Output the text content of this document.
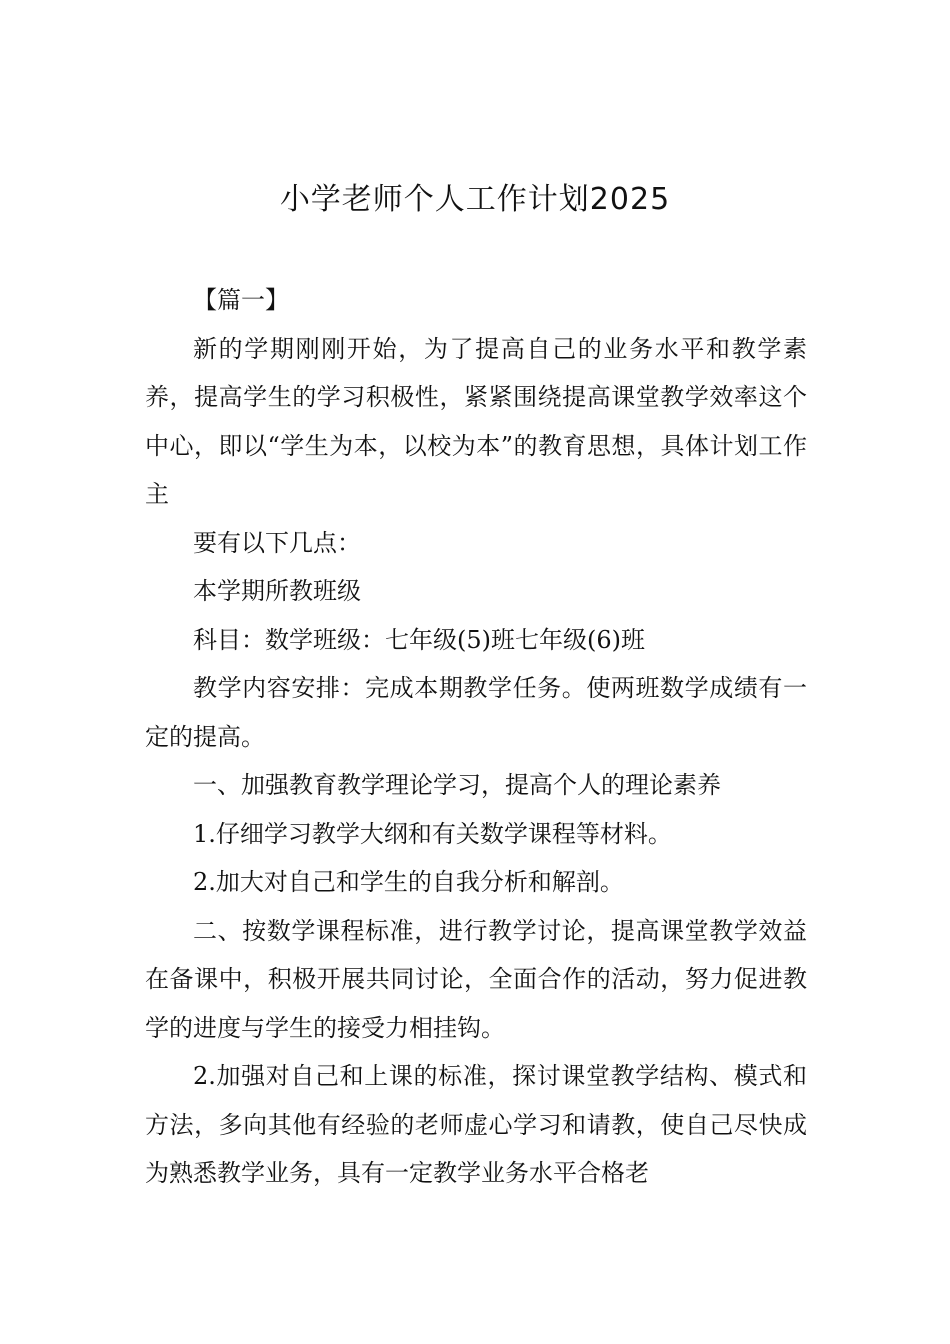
小学老师个人工作计划2025

【篇一】

新的学期刚刚开始，为了提高自己的业务水平和教学素养，提高学生的学习积极性，紧紧围绕提高课堂教学效率这个中心，即以“学生为本，以校为本”的教育思想，具体计划工作主

要有以下几点：

本学期所教班级

科目：数学班级：七年级(5)班七年级(6)班

教学内容安排：完成本期教学任务。使两班数学成绩有一定的提高。

一、加强教育教学理论学习，提高个人的理论素养

1.仔细学习教学大纲和有关数学课程等材料。

2.加大对自己和学生的自我分析和解剖。

二、按数学课程标准，进行教学讨论，提高课堂教学效益在备课中，积极开展共同讨论，全面合作的活动，努力促进教学的进度与学生的接受力相挂钩。

2.加强对自己和上课的标准，探讨课堂教学结构、模式和方法，多向其他有经验的老师虚心学习和请教，使自己尽快成为熟悉教学业务，具有一定教学业务水平合格老
